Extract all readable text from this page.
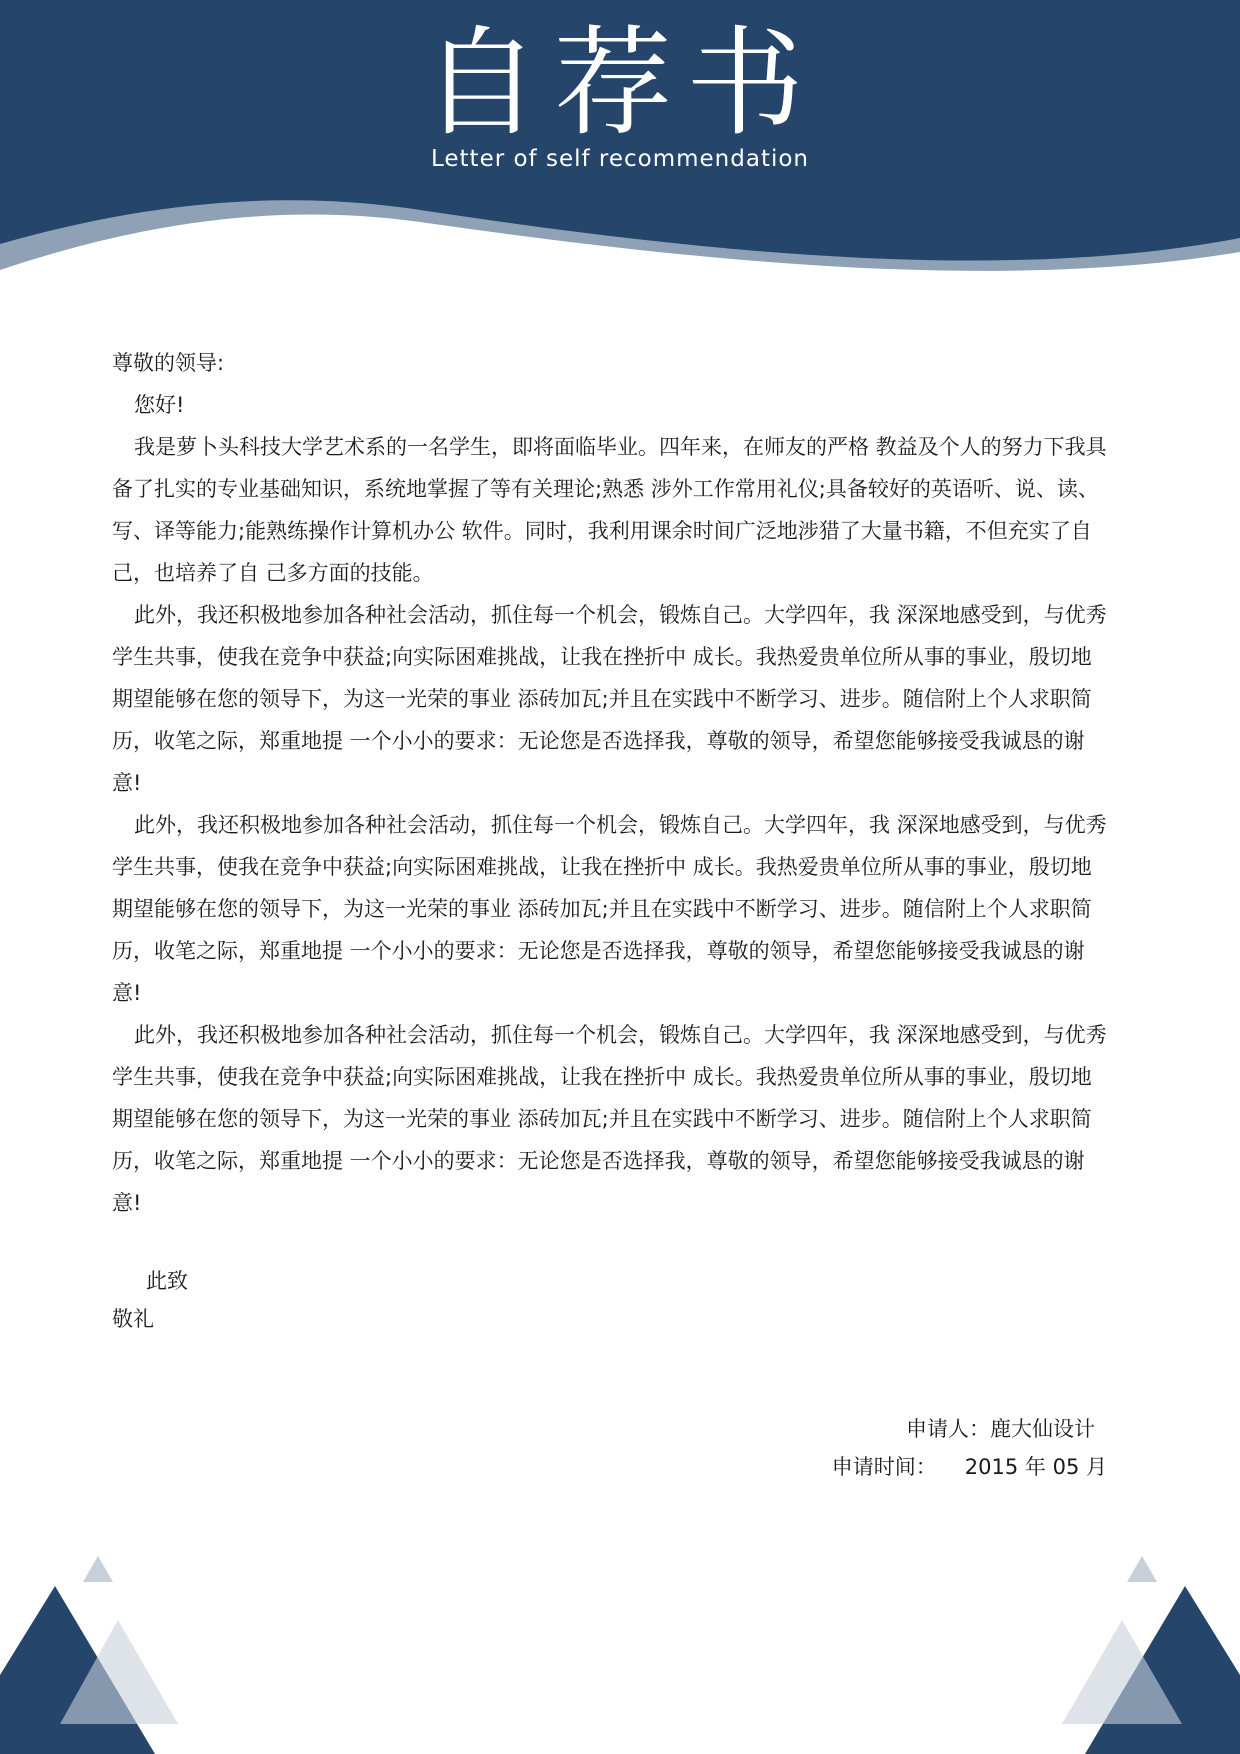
自荐书
Letter of self recommendation

尊敬的领导:

您好!

我是萝卜头科技大学艺术系的一名学生，即将面临毕业。四年来，在师友的严格 教益及个人的努力下我具备了扎实的专业基础知识，系统地掌握了等有关理论;熟悉 涉外工作常用礼仪;具备较好的英语听、说、读、写、译等能力;能熟练操作计算机办公 软件。同时，我利用课余时间广泛地涉猎了大量书籍，不但充实了自己，也培养了自 己多方面的技能。

此外，我还积极地参加各种社会活动，抓住每一个机会，锻炼自己。大学四年，我 深深地感受到，与优秀学生共事，使我在竞争中获益;向实际困难挑战，让我在挫折中 成长。我热爱贵单位所从事的事业，殷切地期望能够在您的领导下，为这一光荣的事业 添砖加瓦;并且在实践中不断学习、进步。随信附上个人求职简历，收笔之际，郑重地提 一个小小的要求：无论您是否选择我，尊敬的领导，希望您能够接受我诚恳的谢意!

此外，我还积极地参加各种社会活动，抓住每一个机会，锻炼自己。大学四年，我 深深地感受到，与优秀学生共事，使我在竞争中获益;向实际困难挑战，让我在挫折中 成长。我热爱贵单位所从事的事业，殷切地期望能够在您的领导下，为这一光荣的事业 添砖加瓦;并且在实践中不断学习、进步。随信附上个人求职简历，收笔之际，郑重地提 一个小小的要求：无论您是否选择我，尊敬的领导，希望您能够接受我诚恳的谢意!

此外，我还积极地参加各种社会活动，抓住每一个机会，锻炼自己。大学四年，我 深深地感受到，与优秀学生共事，使我在竞争中获益;向实际困难挑战，让我在挫折中 成长。我热爱贵单位所从事的事业，殷切地期望能够在您的领导下，为这一光荣的事业 添砖加瓦;并且在实践中不断学习、进步。随信附上个人求职简历，收笔之际，郑重地提 一个小小的要求：无论您是否选择我，尊敬的领导，希望您能够接受我诚恳的谢意!

此致
敬礼
申请人：鹿大仙设计
申请时间： 2015 年 05 月
